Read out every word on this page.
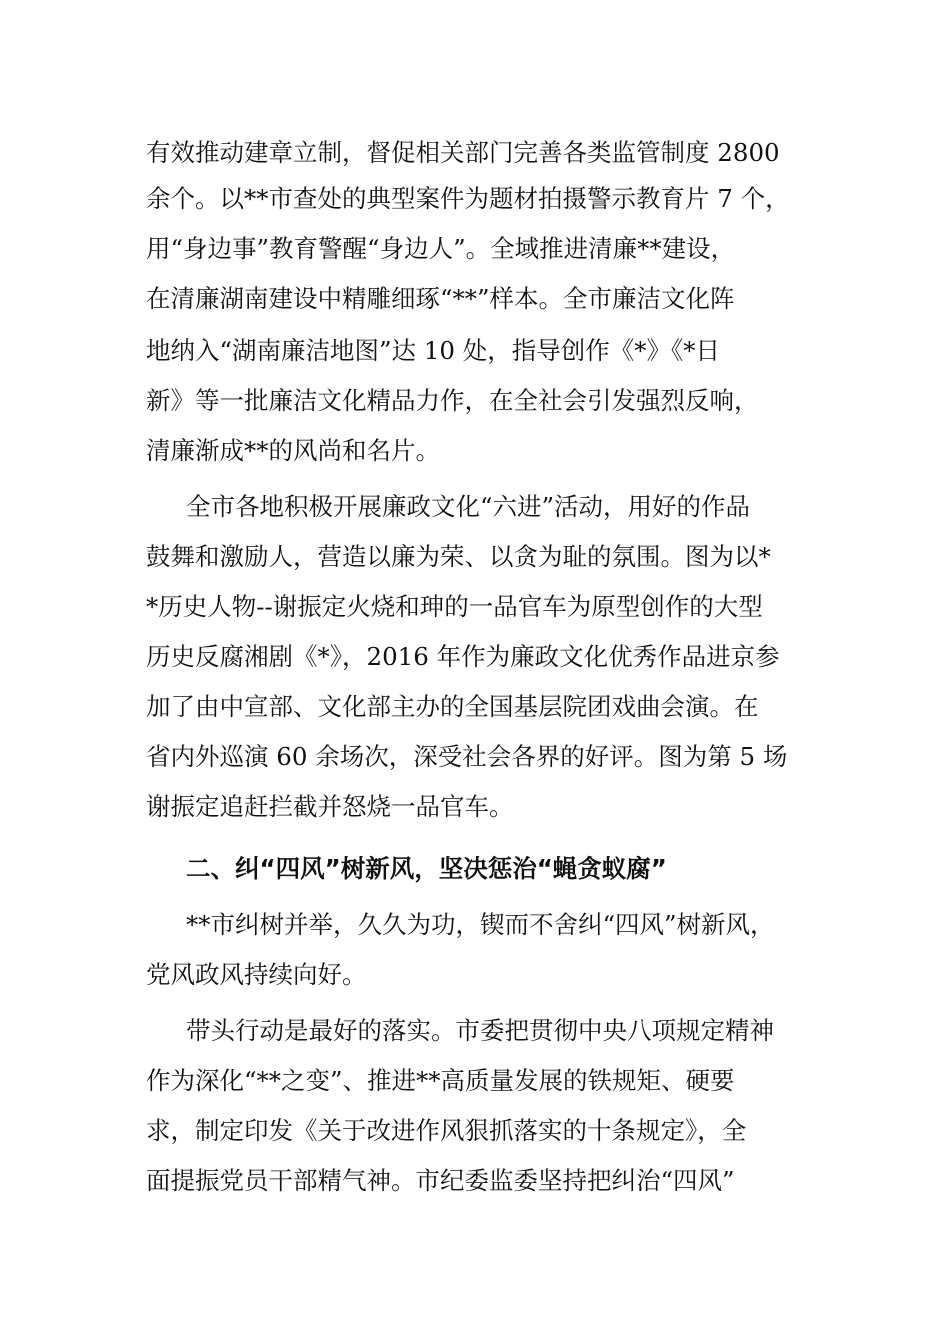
有效推动建章立制，督促相关部门完善各类监管制度 2800
余个。以**市查处的典型案件为题材拍摄警示教育片 7 个，
用“身边事”教育警醒“身边人”。全域推进清廉**建设，
在清廉湖南建设中精雕细琢“**”样本。全市廉洁文化阵
地纳入“湖南廉洁地图”达 10 处，指导创作《*》《*日
新》等一批廉洁文化精品力作，在全社会引发强烈反响，
清廉渐成**的风尚和名片。
全市各地积极开展廉政文化“六进”活动，用好的作品
鼓舞和激励人，营造以廉为荣、以贪为耻的氛围。图为以*
*历史人物--谢振定火烧和珅的一品官车为原型创作的大型
历史反腐湘剧《*》，2016 年作为廉政文化优秀作品进京参
加了由中宣部、文化部主办的全国基层院团戏曲会演。在
省内外巡演 60 余场次，深受社会各界的好评。图为第 5 场
谢振定追赶拦截并怒烧一品官车。
二、纠“四风”树新风，坚决惩治“蝇贪蚁腐”
**市纠树并举，久久为功，锲而不舍纠“四风”树新风，
党风政风持续向好。
带头行动是最好的落实。市委把贯彻中央八项规定精神
作为深化“**之变”、推进**高质量发展的铁规矩、硬要
求，制定印发《关于改进作风狠抓落实的十条规定》，全
面提振党员干部精气神。市纪委监委坚持把纠治“四风”
